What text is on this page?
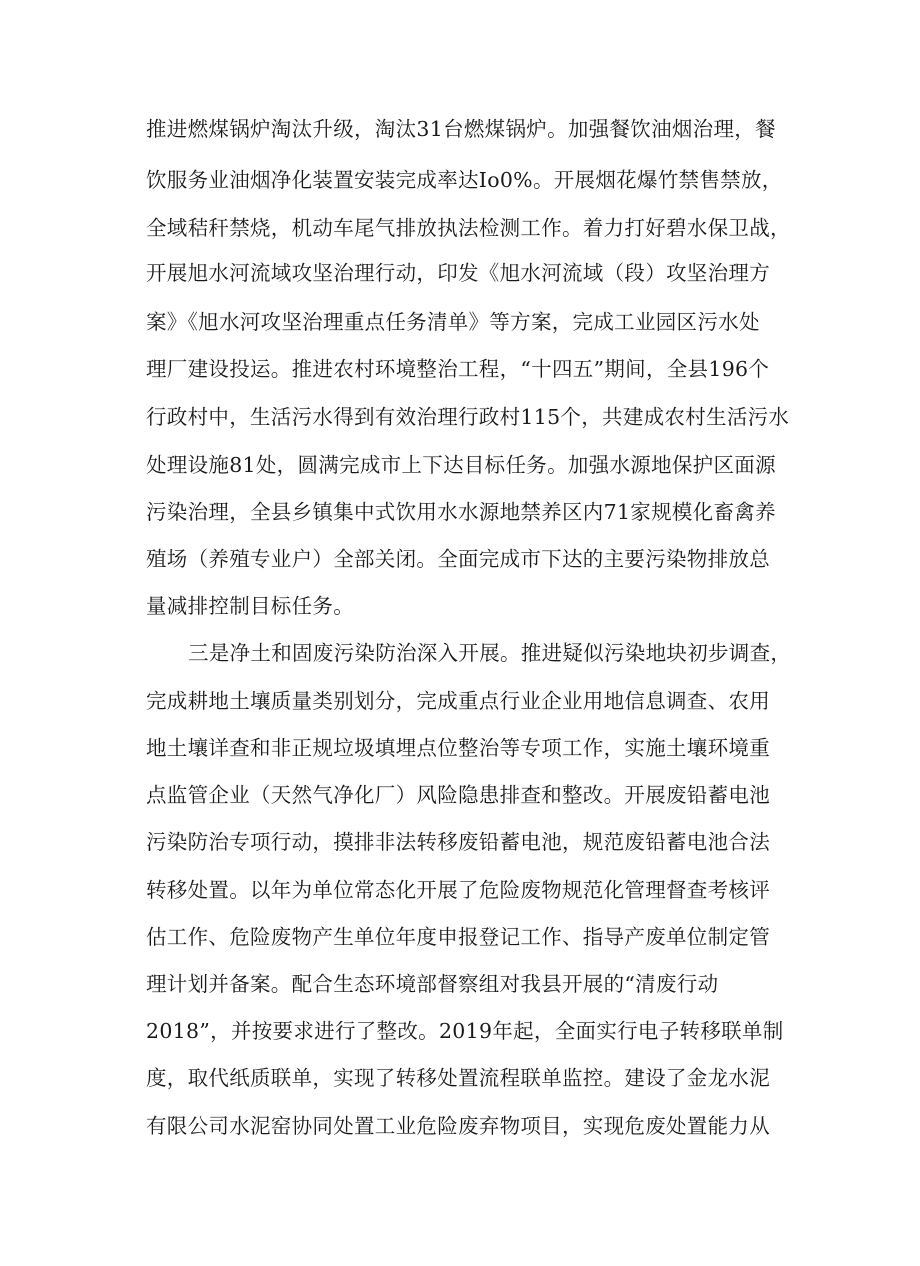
推进燃煤锅炉淘汰升级，淘汰31台燃煤锅炉。加强餐饮油烟治理，餐

饮服务业油烟净化装置安装完成率达Io0%。开展烟花爆竹禁售禁放，

全域秸秆禁烧，机动车尾气排放执法检测工作。着力打好碧水保卫战，

开展旭水河流域攻坚治理行动，印发《旭水河流域（段）攻坚治理方

案》《旭水河攻坚治理重点任务清单》等方案，完成工业园区污水处

理厂建设投运。推进农村环境整治工程，“十四五”期间，全县196个

行政村中，生活污水得到有效治理行政村115个，共建成农村生活污水

处理设施81处，圆满完成市上下达目标任务。加强水源地保护区面源

污染治理，全县乡镇集中式饮用水水源地禁养区内71家规模化畜禽养

殖场（养殖专业户）全部关闭。全面完成市下达的主要污染物排放总

量减排控制目标任务。

三是净土和固废污染防治深入开展。推进疑似污染地块初步调查，

完成耕地土壤质量类别划分，完成重点行业企业用地信息调查、农用

地土壤详查和非正规垃圾填埋点位整治等专项工作，实施土壤环境重

点监管企业（天然气净化厂）风险隐患排查和整改。开展废铅蓄电池

污染防治专项行动，摸排非法转移废铅蓄电池，规范废铅蓄电池合法

转移处置。以年为单位常态化开展了危险废物规范化管理督查考核评

估工作、危险废物产生单位年度申报登记工作、指导产废单位制定管

理计划并备案。配合生态环境部督察组对我县开展的“清废行动

2018”，并按要求进行了整改。2019年起，全面实行电子转移联单制

度，取代纸质联单，实现了转移处置流程联单监控。建设了金龙水泥

有限公司水泥窑协同处置工业危险废弃物项目，实现危废处置能力从
